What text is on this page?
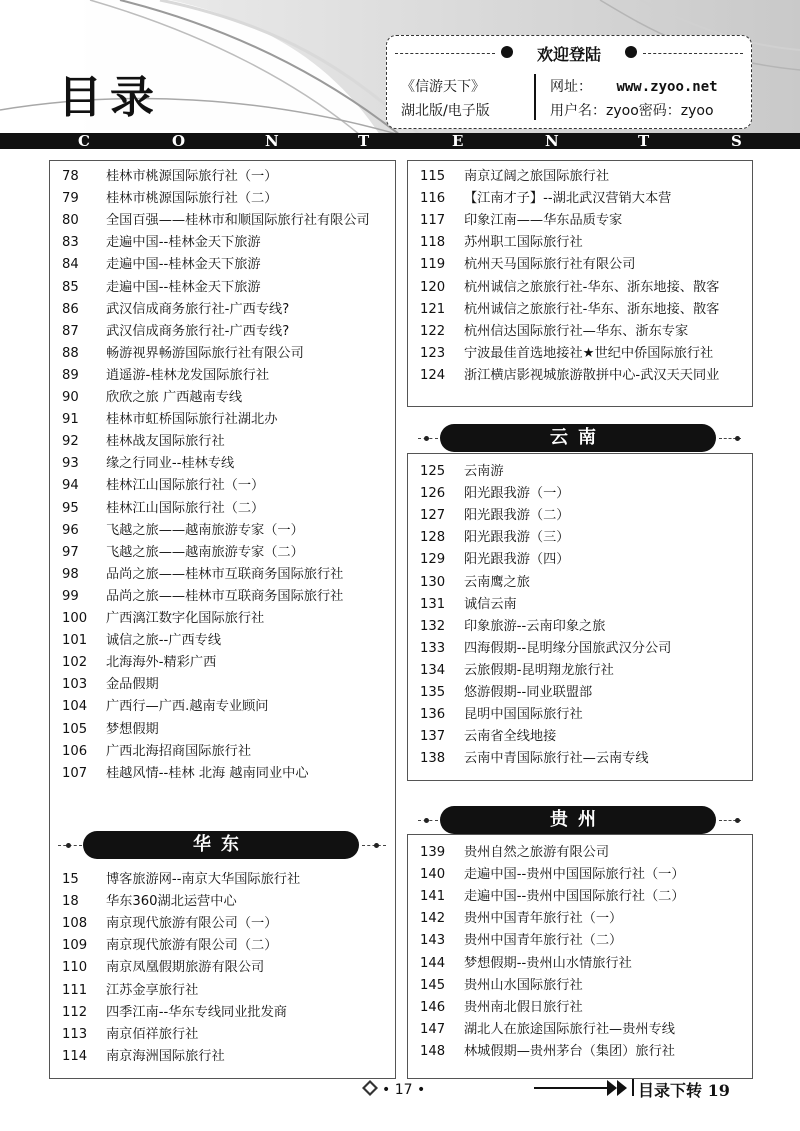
目录
欢迎登陆
《信游天下》
湖北版/电子版
网址： www.zyoo.net
用户名：zyoo密码：zyoo
C	O	N	T	E	N	T	S
78 桂林市桃源国际旅行社（一）
79 桂林市桃源国际旅行社（二）
80 全国百强——桂林市和顺国际旅行社有限公司
83 走遍中国--桂林金天下旅游
84 走遍中国--桂林金天下旅游
85 走遍中国--桂林金天下旅游
86 武汉信成商务旅行社-广西专线?
87 武汉信成商务旅行社-广西专线?
88 畅游视界畅游国际旅行社有限公司
89 逍遥游-桂林龙发国际旅行社
90 欣欣之旅 广西越南专线
91 桂林市虹桥国际旅行社湖北办
92 桂林战友国际旅行社
93 缘之行同业--桂林专线
94 桂林江山国际旅行社（一）
95 桂林江山国际旅行社（二）
96 飞越之旅——越南旅游专家（一）
97 飞越之旅——越南旅游专家（二）
98 品尚之旅——桂林市互联商务国际旅行社
99 品尚之旅——桂林市互联商务国际旅行社
100 广西漓江数字化国际旅行社
101 诚信之旅--广西专线
102 北海海外-精彩广西
103 金品假期
104 广西行—广西.越南专业顾问
105 梦想假期
106 广西北海招商国际旅行社
107 桂越风情--桂林 北海 越南同业中心
华东
15 博客旅游网--南京大华国际旅行社
18 华东360湖北运营中心
108 南京现代旅游有限公司（一）
109 南京现代旅游有限公司（二）
110 南京凤凰假期旅游有限公司
111 江苏金享旅行社
112 四季江南--华东专线同业批发商
113 南京佰祥旅行社
114 南京海洲国际旅行社
115 南京辽阔之旅国际旅行社
116 【江南才子】--湖北武汉营销大本营
117 印象江南——华东品质专家
118 苏州职工国际旅行社
119 杭州天马国际旅行社有限公司
120 杭州诚信之旅旅行社-华东、浙东地接、散客
121 杭州诚信之旅旅行社-华东、浙东地接、散客
122 杭州信达国际旅行社—华东、浙东专家
123 宁波最佳首选地接社★世纪中侨国际旅行社
124 浙江横店影视城旅游散拼中心-武汉天天同业
云南
125 云南游
126 阳光跟我游（一）
127 阳光跟我游（二）
128 阳光跟我游（三）
129 阳光跟我游（四）
130 云南鹰之旅
131 诚信云南
132 印象旅游--云南印象之旅
133 四海假期--昆明缘分国旅武汉分公司
134 云旅假期-昆明翔龙旅行社
135 悠游假期--同业联盟部
136 昆明中国国际旅行社
137 云南省全线地接
138 云南中青国际旅行社—云南专线
贵州
139 贵州自然之旅游有限公司
140 走遍中国--贵州中国国际旅行社（一）
141 走遍中国--贵州中国国际旅行社（二）
142 贵州中国青年旅行社（一）
143 贵州中国青年旅行社（二）
144 梦想假期--贵州山水情旅行社
145 贵州山水国际旅行社
146 贵州南北假日旅行社
147 湖北人在旅途国际旅行社—贵州专线
148 林城假期—贵州茅台（集团）旅行社
• 17 •	目录下转 19
